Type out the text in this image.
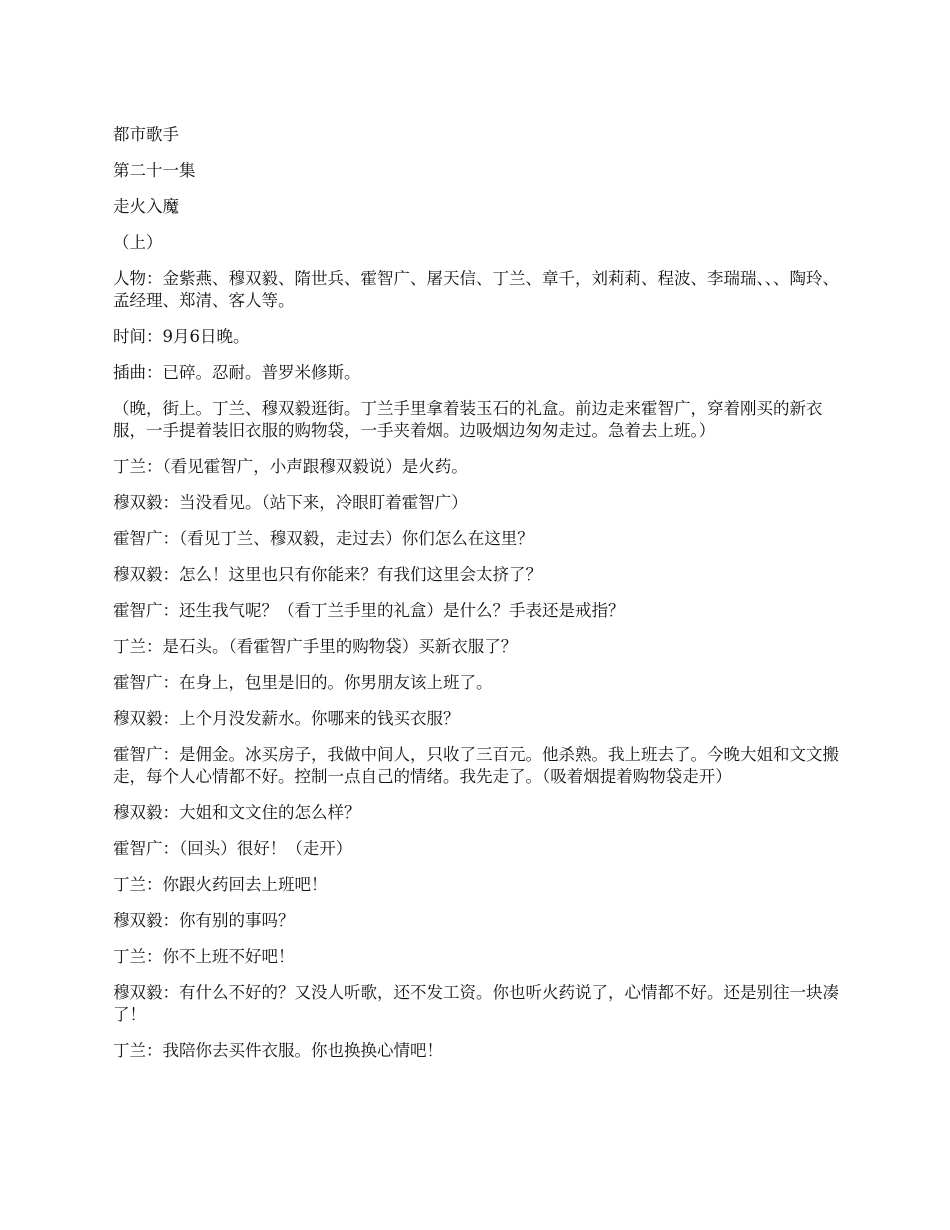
都市歌手

第二十一集

走火入魔

（上）

人物：金紫燕、穆双毅、隋世兵、霍智广、屠天信、丁兰、章千，刘莉莉、程波、李瑞瑞、、、陶玲、孟经理、郑清、客人等。

时间：9月6日晚。

插曲：已碎。忍耐。普罗米修斯。

（晚，街上。丁兰、穆双毅逛街。丁兰手里拿着装玉石的礼盒。前边走来霍智广，穿着刚买的新衣服，一手提着装旧衣服的购物袋，一手夹着烟。边吸烟边匆匆走过。急着去上班。）

丁兰：（看见霍智广，小声跟穆双毅说）是火药。

穆双毅：当没看见。（站下来，冷眼盯着霍智广）

霍智广：（看见丁兰、穆双毅，走过去）你们怎么在这里？

穆双毅：怎么！这里也只有你能来？有我们这里会太挤了？

霍智广：还生我气呢？（看丁兰手里的礼盒）是什么？手表还是戒指？

丁兰：是石头。（看霍智广手里的购物袋）买新衣服了？

霍智广：在身上，包里是旧的。你男朋友该上班了。

穆双毅：上个月没发薪水。你哪来的钱买衣服？

霍智广：是佣金。冰买房子，我做中间人，只收了三百元。他杀熟。我上班去了。今晚大姐和文文搬走，每个人心情都不好。控制一点自己的情绪。我先走了。（吸着烟提着购物袋走开）

穆双毅：大姐和文文住的怎么样？

霍智广：（回头）很好！（走开）

丁兰：你跟火药回去上班吧！

穆双毅：你有别的事吗？

丁兰：你不上班不好吧！

穆双毅：有什么不好的？又没人听歌，还不发工资。你也听火药说了，心情都不好。还是别往一块凑了！

丁兰：我陪你去买件衣服。你也换换心情吧！
